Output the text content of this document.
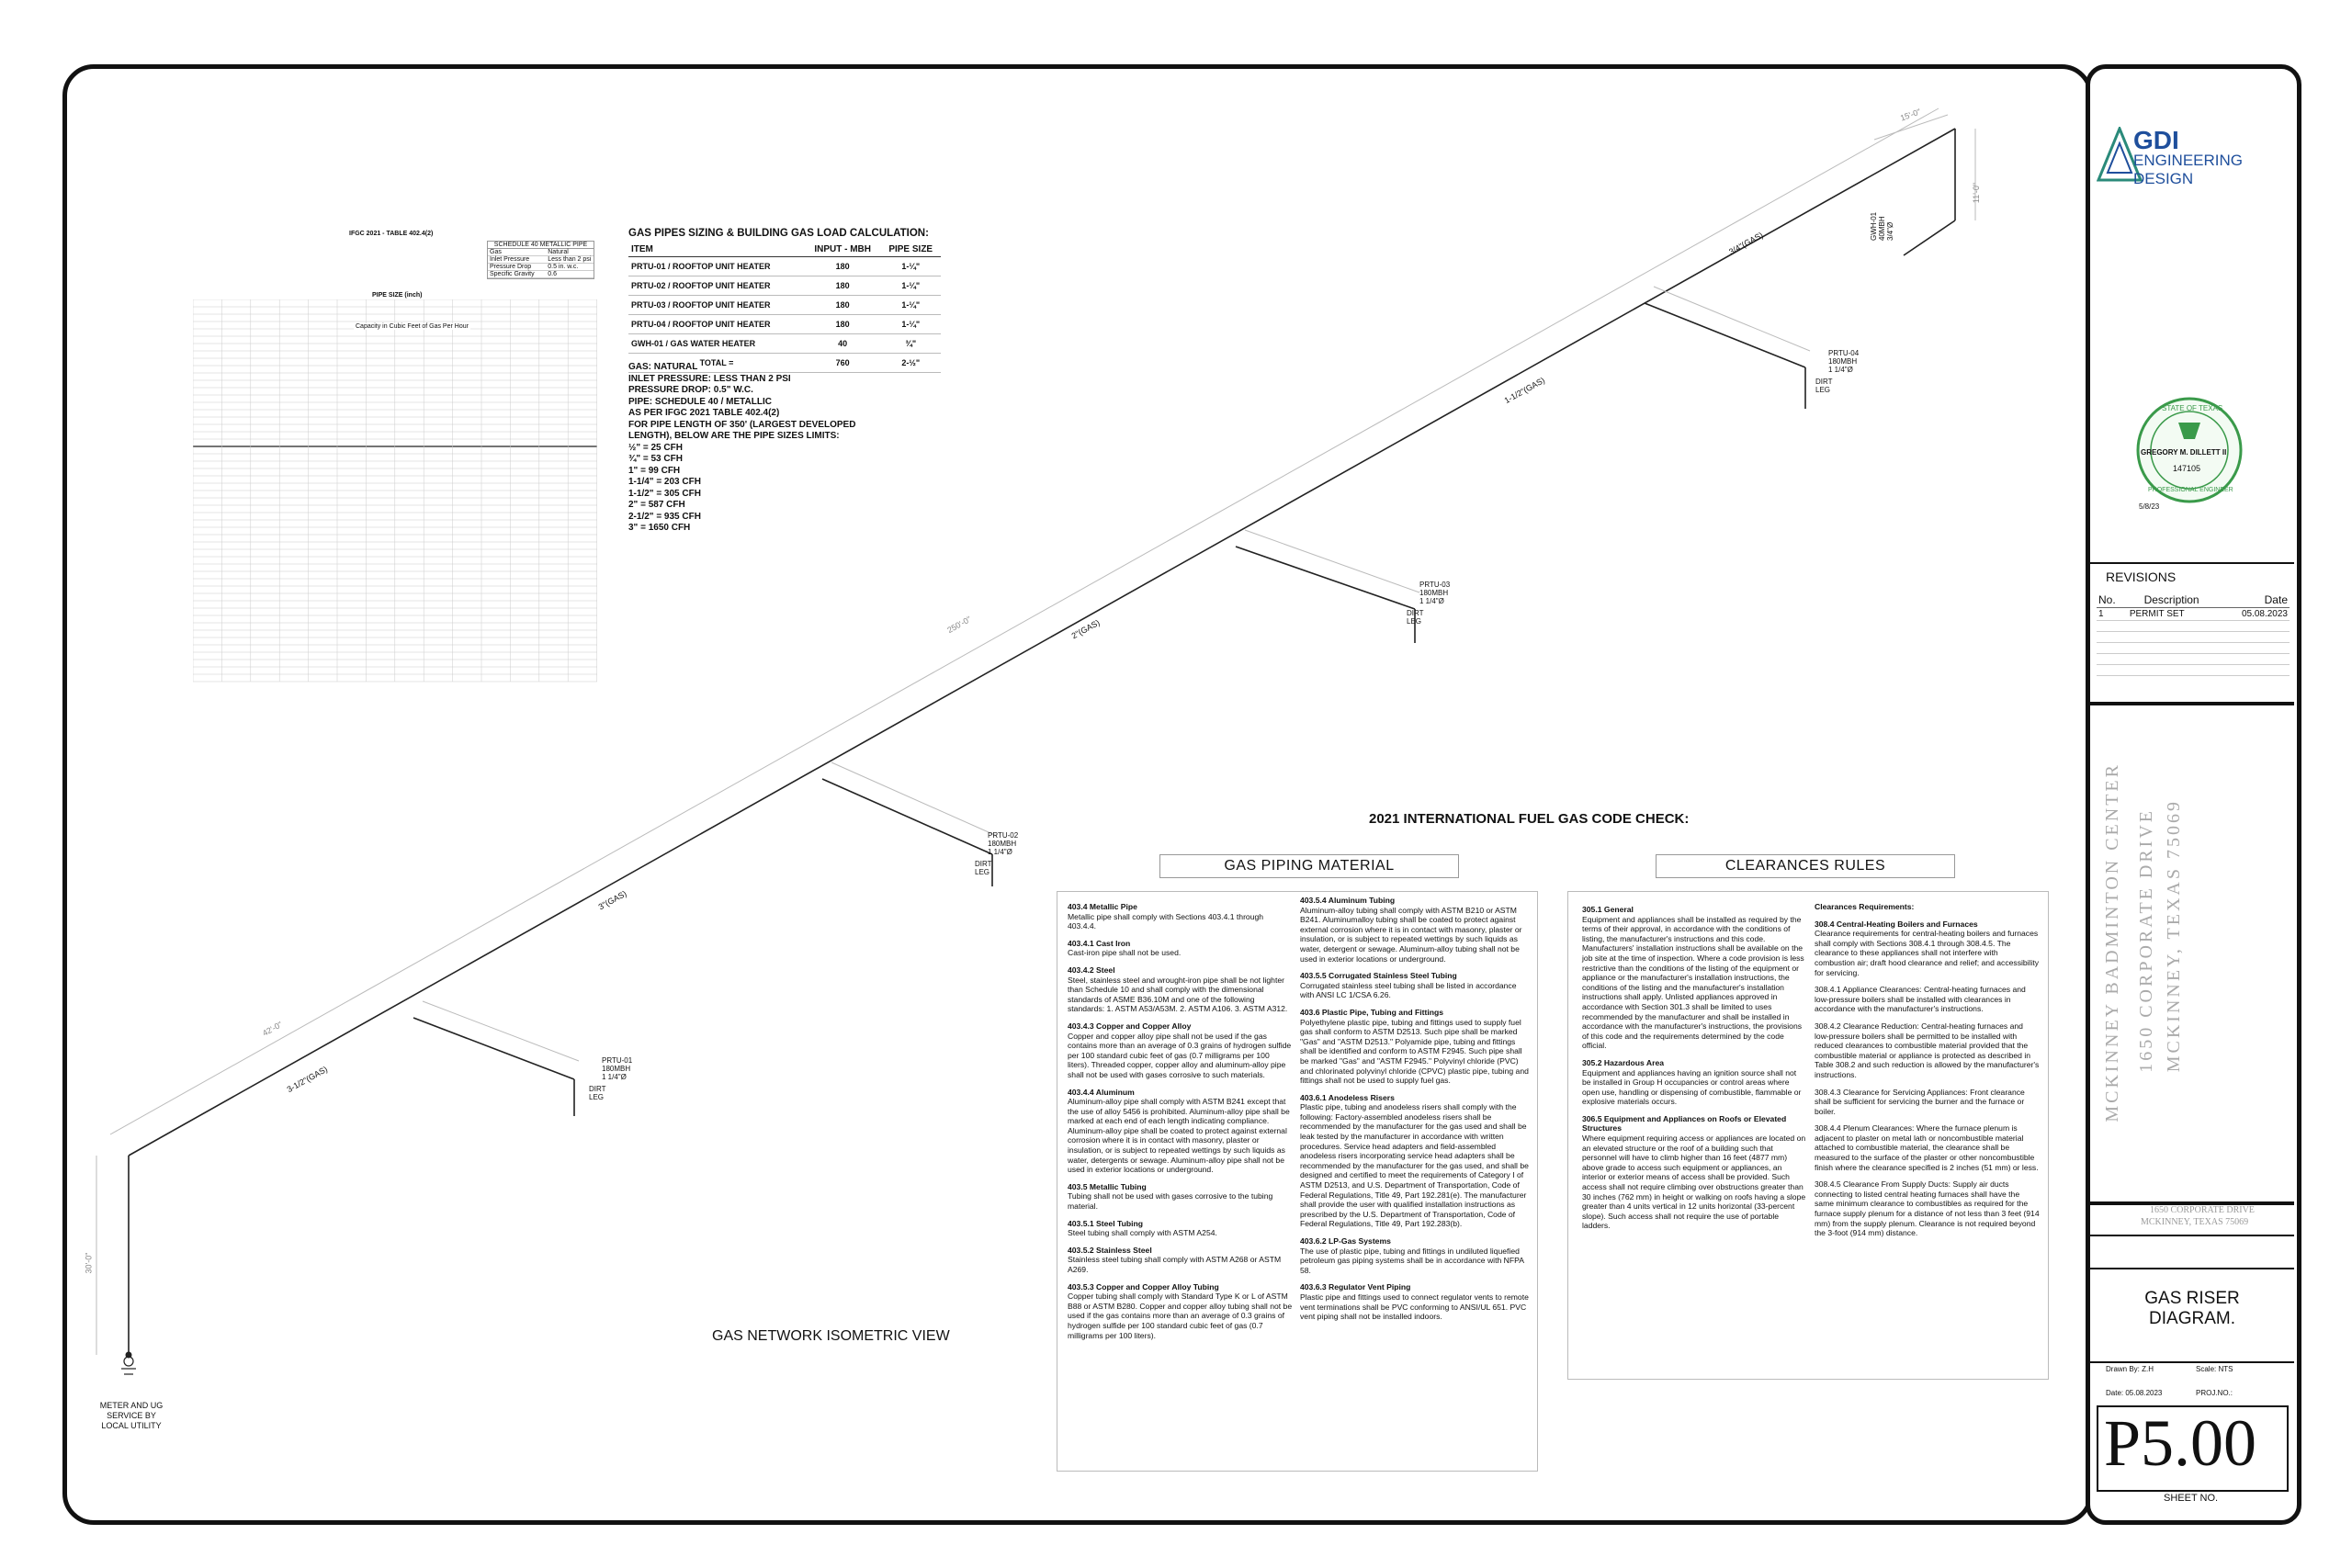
IFGC 2021 - TABLE 402.4(2)
SCHEDULE 40 METALLIC PIPE
Gas	Natural
Inlet Pressure	Less than 2 psi
Pressure Drop	0.5 in. w.c.
Specific Gravity	0.6
PIPE SIZE (inch)
Capacity in Cubic Feet of Gas Per Hour
GAS PIPES SIZING & BUILDING GAS LOAD CALCULATION:
ITEM	INPUT - MBH	PIPE SIZE
PRTU-01 / ROOFTOP UNIT HEATER	180	1-¼"
PRTU-02 / ROOFTOP UNIT HEATER	180	1-¼"
PRTU-03 / ROOFTOP UNIT HEATER	180	1-¼"
PRTU-04 / ROOFTOP UNIT HEATER	180	1-¼"
GWH-01 / GAS WATER HEATER	40	¾"
TOTAL =	760	2-½"
GAS: NATURAL
INLET PRESSURE: LESS THAN 2 PSI
PRESSURE DROP: 0.5" W.C.
PIPE: SCHEDULE 40 / METALLIC
AS PER IFGC 2021 TABLE 402.4(2)
FOR PIPE LENGTH OF 350' (LARGEST DEVELOPED
LENGTH), BELOW ARE THE PIPE SIZES LIMITS:
½" = 25 CFH
¾" = 53 CFH
1" = 99 CFH
1-1/4" = 203 CFH
1-1/2" = 305 CFH
2" = 587 CFH
2-1/2" = 935 CFH
3" = 1650 CFH
3-1/2"(GAS)
3"(GAS)
2"(GAS)
1-1/2"(GAS)
3/4"(GAS)
30'-0"
42'-0"
250'-0"
15'-0"
11'-0"
PRTU-01
180MBH
1 1/4"Ø
DIRT
LEG
PRTU-02
180MBH
1 1/4"Ø
DIRT
LEG
PRTU-03
180MBH
1 1/4"Ø
DIRT
LEG
PRTU-04
180MBH
1 1/4"Ø
DIRT
LEG
GWH-01 40MBH 3/4"Ø
METER AND UG
SERVICE BY
LOCAL UTILITY
GAS NETWORK ISOMETRIC VIEW
2021 INTERNATIONAL FUEL GAS CODE CHECK:
GAS PIPING MATERIAL	CLEARANCES RULES
403.4 Metallic Pipe

Metallic pipe shall comply with Sections 403.4.1 through 403.4.4.

403.4.1 Cast Iron

Cast-iron pipe shall not be used.

403.4.2 Steel

Steel, stainless steel and wrought-iron pipe shall be not lighter than Schedule 10 and shall comply with the dimensional standards of ASME B36.10M and one of the following standards: 1. ASTM A53/A53M. 2. ASTM A106. 3. ASTM A312.

403.4.3 Copper and Copper Alloy

Copper and copper alloy pipe shall not be used if the gas contains more than an average of 0.3 grains of hydrogen sulfide per 100 standard cubic feet of gas (0.7 milligrams per 100 liters). Threaded copper, copper alloy and aluminum-alloy pipe shall not be used with gases corrosive to such materials.

403.4.4 Aluminum

Aluminum-alloy pipe shall comply with ASTM B241 except that the use of alloy 5456 is prohibited. Aluminum-alloy pipe shall be marked at each end of each length indicating compliance. Aluminum-alloy pipe shall be coated to protect against external corrosion where it is in contact with masonry, plaster or insulation, or is subject to repeated wettings by such liquids as water, detergents or sewage. Aluminum-alloy pipe shall not be used in exterior locations or underground.

403.5 Metallic Tubing

Tubing shall not be used with gases corrosive to the tubing material.

403.5.1 Steel Tubing

Steel tubing shall comply with ASTM A254.

403.5.2 Stainless Steel

Stainless steel tubing shall comply with ASTM A268 or ASTM A269.

403.5.3 Copper and Copper Alloy Tubing

Copper tubing shall comply with Standard Type K or L of ASTM B88 or ASTM B280. Copper and copper alloy tubing shall not be used if the gas contains more than an average of 0.3 grains of hydrogen sulfide per 100 standard cubic feet of gas (0.7 milligrams per 100 liters).

403.5.4 Aluminum Tubing

Aluminum-alloy tubing shall comply with ASTM B210 or ASTM B241. Aluminumalloy tubing shall be coated to protect against external corrosion where it is in contact with masonry, plaster or insulation, or is subject to repeated wettings by such liquids as water, detergent or sewage. Aluminum-alloy tubing shall not be used in exterior locations or underground.

403.5.5 Corrugated Stainless Steel Tubing

Corrugated stainless steel tubing shall be listed in accordance with ANSI LC 1/CSA 6.26.

403.6 Plastic Pipe, Tubing and Fittings

Polyethylene plastic pipe, tubing and fittings used to supply fuel gas shall conform to ASTM D2513. Such pipe shall be marked "Gas" and "ASTM D2513." Polyamide pipe, tubing and fittings shall be identified and conform to ASTM F2945. Such pipe shall be marked "Gas" and "ASTM F2945." Polyvinyl chloride (PVC) and chlorinated polyvinyl chloride (CPVC) plastic pipe, tubing and fittings shall not be used to supply fuel gas.

403.6.1 Anodeless Risers

Plastic pipe, tubing and anodeless risers shall comply with the following: Factory-assembled anodeless risers shall be recommended by the manufacturer for the gas used and shall be leak tested by the manufacturer in accordance with written procedures. Service head adapters and field-assembled anodeless risers incorporating service head adapters shall be recommended by the manufacturer for the gas used, and shall be designed and certified to meet the requirements of Category I of ASTM D2513, and U.S. Department of Transportation, Code of Federal Regulations, Title 49, Part 192.281(e). The manufacturer shall provide the user with qualified installation instructions as prescribed by the U.S. Department of Transportation, Code of Federal Regulations, Title 49, Part 192.283(b).

403.6.2 LP-Gas Systems

The use of plastic pipe, tubing and fittings in undiluted liquefied petroleum gas piping systems shall be in accordance with NFPA 58.

403.6.3 Regulator Vent Piping

Plastic pipe and fittings used to connect regulator vents to remote vent terminations shall be PVC conforming to ANSI/UL 651. PVC vent piping shall not be installed indoors.

305.1 General

Equipment and appliances shall be installed as required by the terms of their approval, in accordance with the conditions of listing, the manufacturer's instructions and this code. Manufacturers' installation instructions shall be available on the job site at the time of inspection. Where a code provision is less restrictive than the conditions of the listing of the equipment or appliance or the manufacturer's installation instructions, the conditions of the listing and the manufacturer's installation instructions shall apply. Unlisted appliances approved in accordance with Section 301.3 shall be limited to uses recommended by the manufacturer and shall be installed in accordance with the manufacturer's instructions, the provisions of this code and the requirements determined by the code official.

305.2 Hazardous Area

Equipment and appliances having an ignition source shall not be installed in Group H occupancies or control areas where open use, handling or dispensing of combustible, flammable or explosive materials occurs.

306.5 Equipment and Appliances on Roofs or Elevated Structures

Where equipment requiring access or appliances are located on an elevated structure or the roof of a building such that personnel will have to climb higher than 16 feet (4877 mm) above grade to access such equipment or appliances, an interior or exterior means of access shall be provided. Such access shall not require climbing over obstructions greater than 30 inches (762 mm) in height or walking on roofs having a slope greater than 4 units vertical in 12 units horizontal (33-percent slope). Such access shall not require the use of portable ladders.

Clearances Requirements:
308.4 Central-Heating Boilers and Furnaces

Clearance requirements for central-heating boilers and furnaces shall comply with Sections 308.4.1 through 308.4.5. The clearance to these appliances shall not interfere with combustion air; draft hood clearance and relief; and accessibility for servicing.

308.4.1 Appliance Clearances: Central-heating furnaces and low-pressure boilers shall be installed with clearances in accordance with the manufacturer's instructions.

308.4.2 Clearance Reduction: Central-heating furnaces and low-pressure boilers shall be permitted to be installed with reduced clearances to combustible material provided that the combustible material or appliance is protected as described in Table 308.2 and such reduction is allowed by the manufacturer's instructions.

308.4.3 Clearance for Servicing Appliances: Front clearance shall be sufficient for servicing the burner and the furnace or boiler.

308.4.4 Plenum Clearances: Where the furnace plenum is adjacent to plaster on metal lath or noncombustible material attached to combustible material, the clearance shall be measured to the surface of the plaster or other noncombustible finish where the clearance specified is 2 inches (51 mm) or less.

308.4.5 Clearance From Supply Ducts: Supply air ducts connecting to listed central heating furnaces shall have the same minimum clearance to combustibles as required for the furnace supply plenum for a distance of not less than 3 feet (914 mm) from the supply plenum. Clearance is not required beyond the 3-foot (914 mm) distance.

GDI
ENGINEERING
DESIGN
STATE OF TEXAS
GREGORY M. DILLETT II
147105
PROFESSIONAL ENGINEER
5/8/23
REVISIONS
No.	Description	Date
1	PERMIT SET	05.08.2023

MCKINNEY BADMINTON CENTER 1650 CORPORATE DRIVE MCKINNEY, TEXAS 75069
1650 CORPORATE DRIVE
MCKINNEY, TEXAS 75069
GAS RISER
DIAGRAM.
Drawn By: Z.H	Scale: NTS
Date: 05.08.2023	PROJ.NO.:
P5.00
SHEET NO.
